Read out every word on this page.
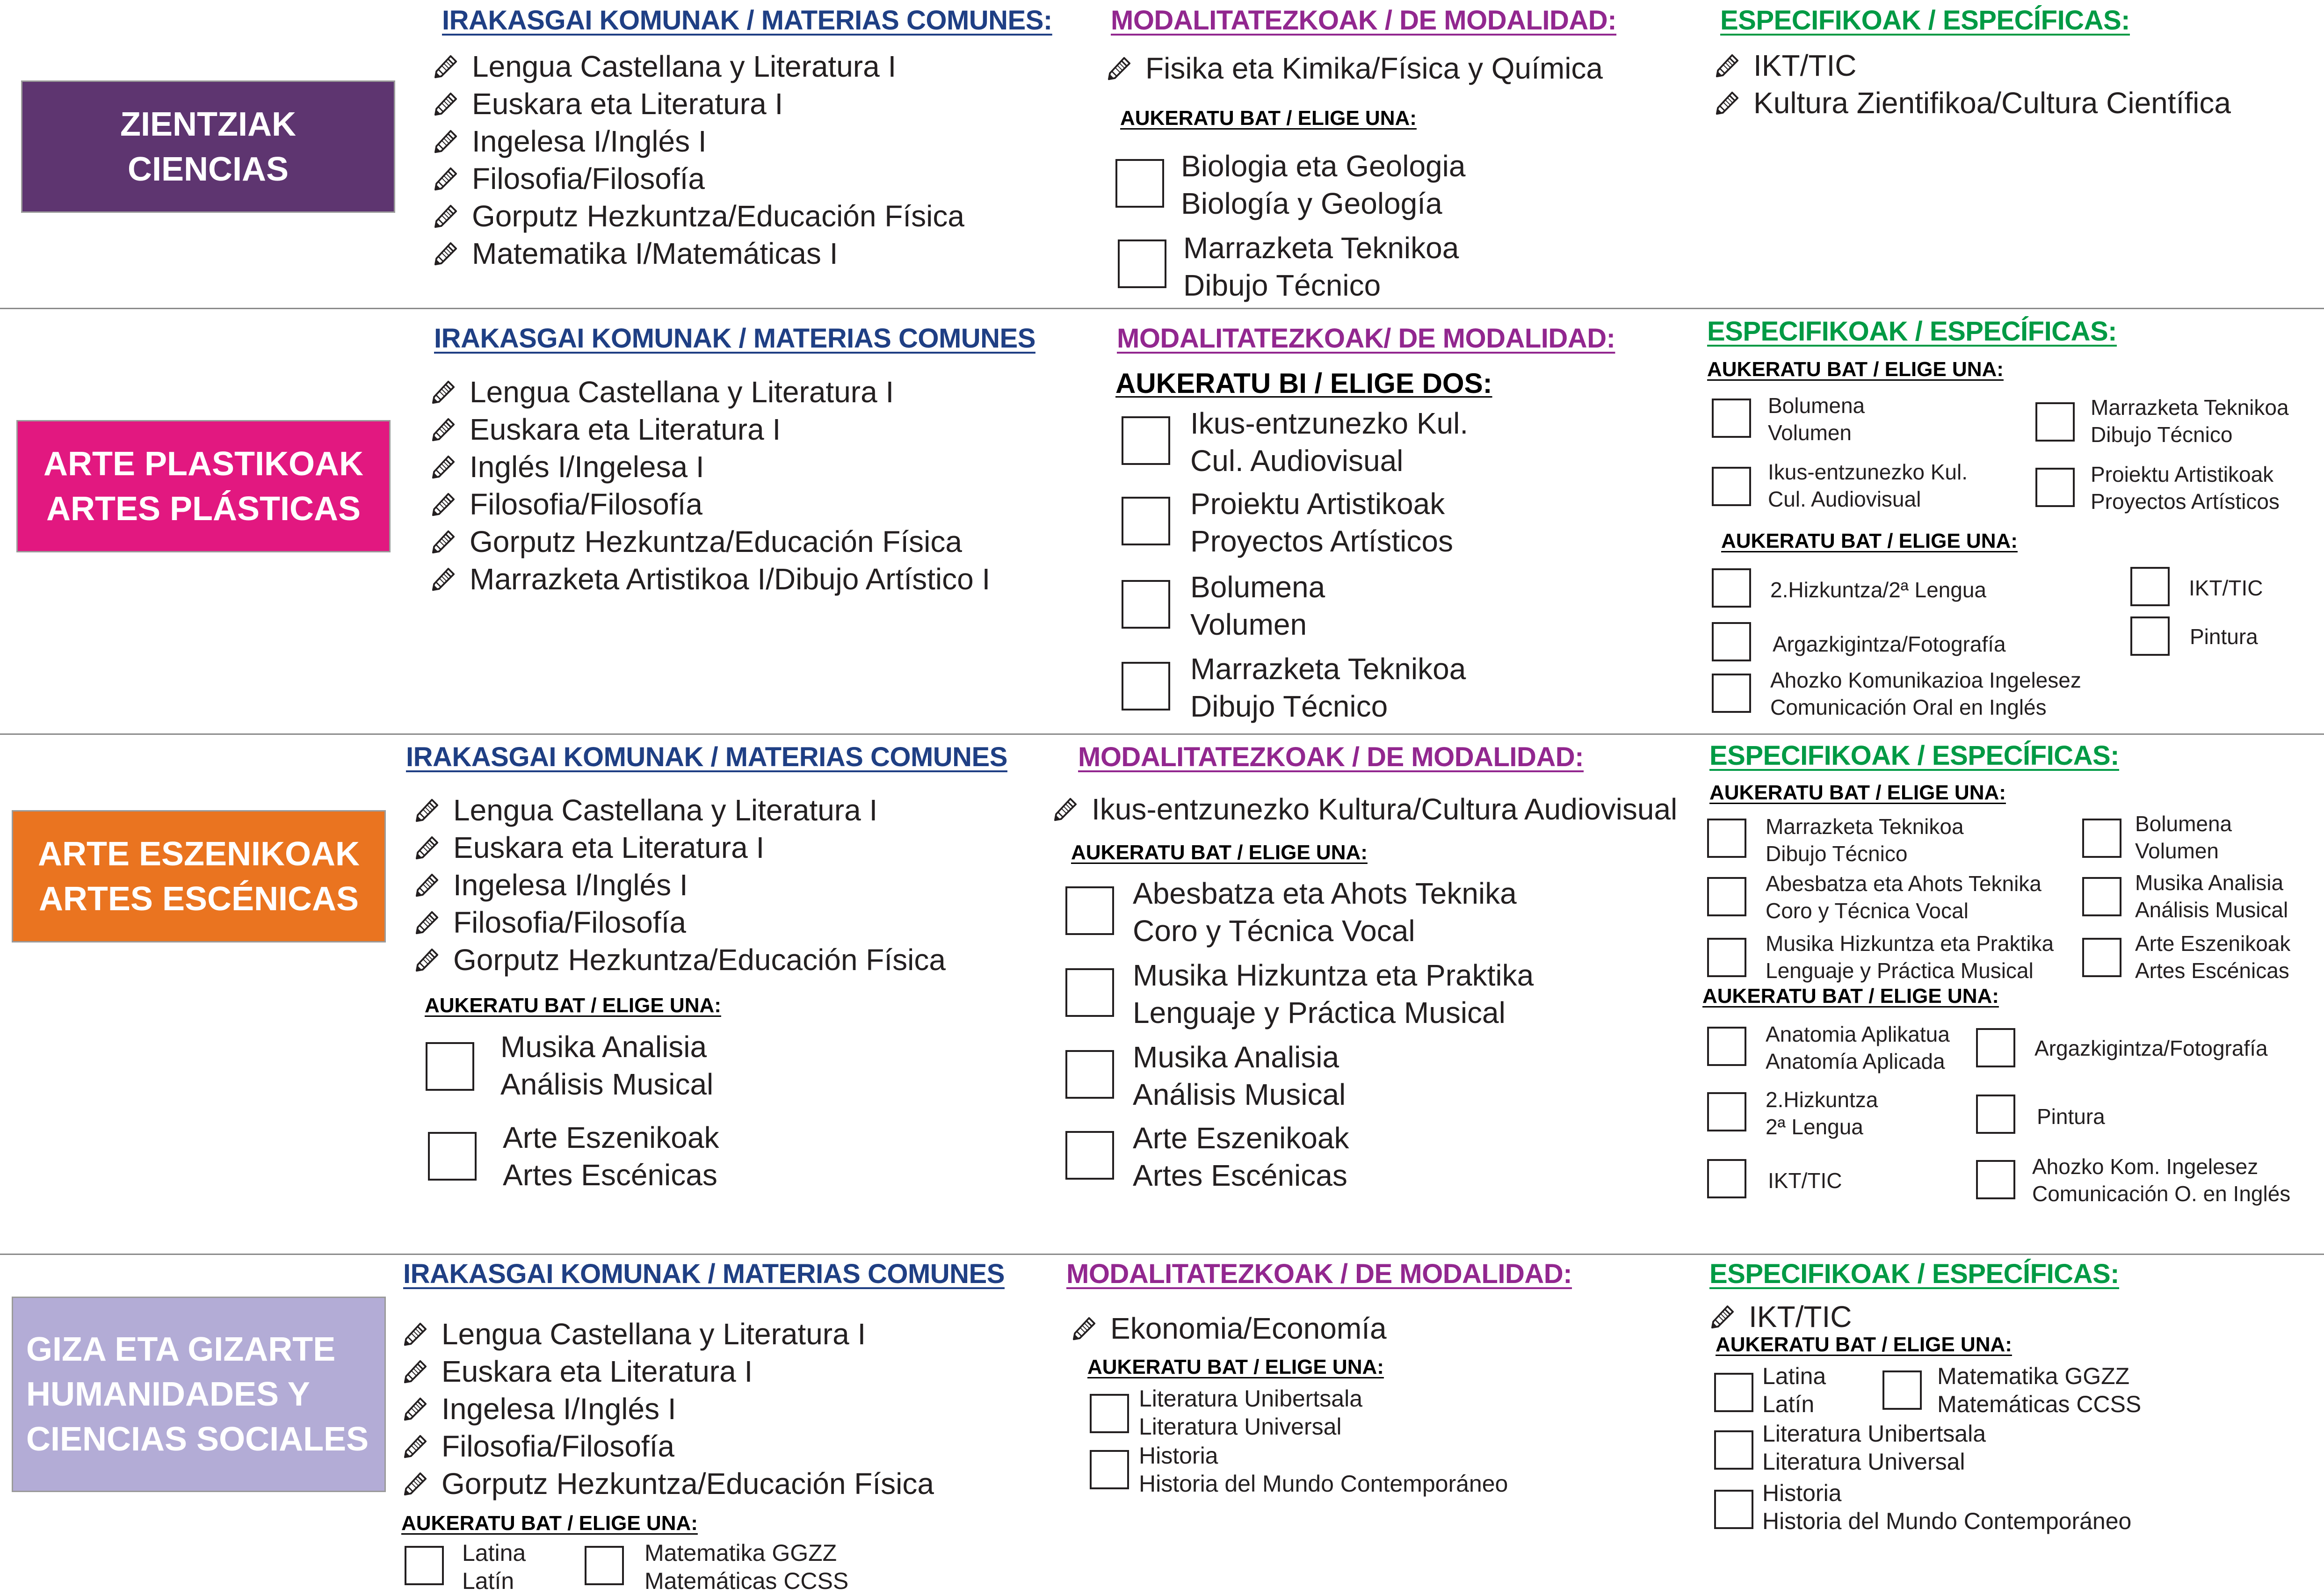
ZIENTZIAK
CIENCIAS
IRAKASGAI KOMUNAK / MATERIAS COMUNES:
Lengua Castellana y Literatura I
Euskara eta Literatura I
Ingelesa I/Inglés I
Filosofia/Filosofía
Gorputz Hezkuntza/Educación Física
Matematika I/Matemáticas I
MODALITATEZKOAK / DE MODALIDAD:
Fisika eta Kimika/Física y Química
AUKERATU BAT / ELIGE UNA:
Biologia eta Geologia
Biología y Geología
Marrazketa Teknikoa
Dibujo Técnico
ESPECIFIKOAK / ESPECÍFICAS:
IKT/TIC
Kultura Zientifikoa/Cultura Científica
ARTE PLASTIKOAK
ARTES PLÁSTICAS
IRAKASGAI KOMUNAK / MATERIAS COMUNES
Lengua Castellana y Literatura I
Euskara eta Literatura I
Inglés I/Ingelesa I
Filosofia/Filosofía
Gorputz Hezkuntza/Educación Física
Marrazketa Artistikoa I/Dibujo Artístico I
MODALITATEZKOAK/ DE MODALIDAD:
AUKERATU BI / ELIGE DOS:
Ikus-entzunezko Kul.
Cul. Audiovisual
Proiektu Artistikoak
Proyectos Artísticos
Bolumena
Volumen
Marrazketa Teknikoa
Dibujo Técnico
ESPECIFIKOAK / ESPECÍFICAS:
AUKERATU BAT / ELIGE UNA:
Bolumena
Volumen
Marrazketa Teknikoa
Dibujo Técnico
Ikus-entzunezko Kul.
Cul. Audiovisual
Proiektu Artistikoak
Proyectos Artísticos
AUKERATU BAT / ELIGE UNA:
2.Hizkuntza/2ª Lengua	IKT/TIC
Argazkigintza/Fotografía	Pintura
Ahozko Komunikazioa Ingelesez
Comunicación Oral en Inglés
ARTE ESZENIKOAK
ARTES ESCÉNICAS
IRAKASGAI KOMUNAK / MATERIAS COMUNES
Lengua Castellana y Literatura I
Euskara eta Literatura I
Ingelesa I/Inglés I
Filosofia/Filosofía
Gorputz Hezkuntza/Educación Física
AUKERATU BAT / ELIGE UNA:
Musika Analisia
Análisis Musical
Arte Eszenikoak
Artes Escénicas
MODALITATEZKOAK / DE MODALIDAD:
Ikus-entzunezko Kultura/Cultura Audiovisual
AUKERATU BAT / ELIGE UNA:
Abesbatza eta Ahots Teknika
Coro y Técnica Vocal
Musika Hizkuntza eta Praktika
Lenguaje y Práctica Musical
Musika Analisia
Análisis Musical
Arte Eszenikoak
Artes Escénicas
ESPECIFIKOAK / ESPECÍFICAS:
AUKERATU BAT / ELIGE UNA:
Marrazketa Teknikoa
Dibujo Técnico
Bolumena
Volumen
Abesbatza eta Ahots Teknika
Coro y Técnica Vocal
Musika Analisia
Análisis Musical
Musika Hizkuntza eta Praktika
Lenguaje y Práctica Musical
Arte Eszenikoak
Artes Escénicas
AUKERATU BAT / ELIGE UNA:
Anatomia Aplikatua
Anatomía Aplicada
Argazkigintza/Fotografía
2.Hizkuntza
2ª Lengua	Pintura
IKT/TIC
Ahozko Kom. Ingelesez
Comunicación O. en Inglés
GIZA ETA GIZARTE
HUMANIDADES Y
CIENCIAS SOCIALES
IRAKASGAI KOMUNAK / MATERIAS COMUNES
Lengua Castellana y Literatura I
Euskara eta Literatura I
Ingelesa I/Inglés I
Filosofia/Filosofía
Gorputz Hezkuntza/Educación Física
AUKERATU BAT / ELIGE UNA:
Latina
Latín
Matematika GGZZ
Matemáticas CCSS
MODALITATEZKOAK / DE MODALIDAD:
Ekonomia/Economía
AUKERATU BAT / ELIGE UNA:
Literatura Unibertsala
Literatura Universal
Historia
Historia del Mundo Contemporáneo
ESPECIFIKOAK / ESPECÍFICAS:
IKT/TIC
AUKERATU BAT / ELIGE UNA:
Latina
Latín
Matematika GGZZ
Matemáticas CCSS
Literatura Unibertsala
Literatura Universal
Historia
Historia del Mundo Contemporáneo
